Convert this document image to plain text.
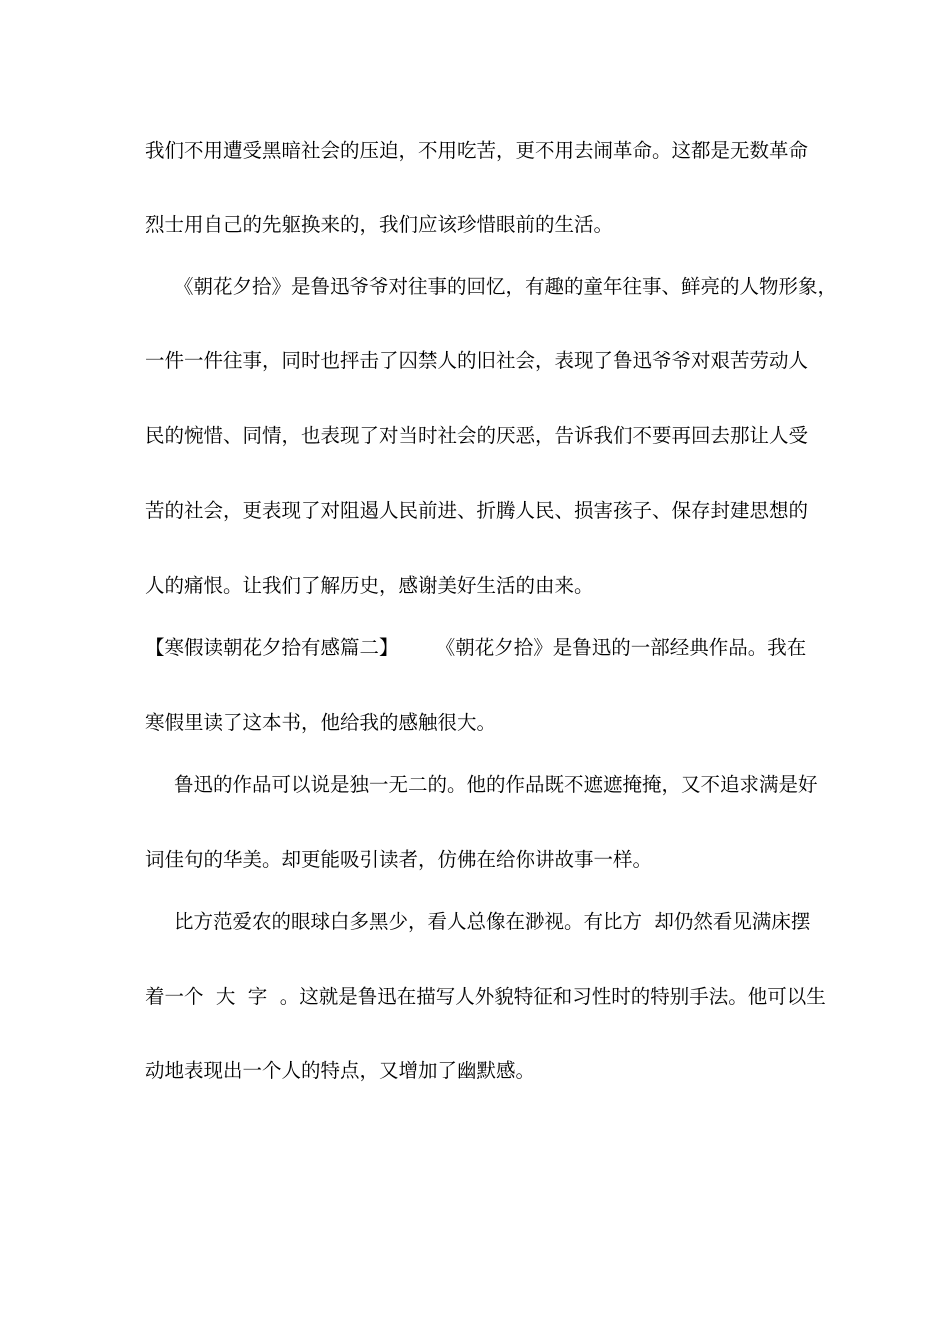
我们不用遭受黑暗社会的压迫，不用吃苦，更不用去闹革命。这都是无数革命
烈士用自己的先躯换来的，我们应该珍惜眼前的生活。
《朝花夕拾》是鲁迅爷爷对往事的回忆，有趣的童年往事、鲜亮的人物形象，
一件一件往事，同时也抨击了囚禁人的旧社会，表现了鲁迅爷爷对艰苦劳动人
民的惋惜、同情，也表现了对当时社会的厌恶，告诉我们不要再回去那让人受
苦的社会，更表现了对阻遏人民前进、折腾人民、损害孩子、保存封建思想的
人的痛恨。让我们了解历史，感谢美好生活的由来。
【寒假读朝花夕拾有感篇二】      《朝花夕拾》是鲁迅的一部经典作品。我在
寒假里读了这本书，他给我的感触很大。
鲁迅的作品可以说是独一无二的。他的作品既不遮遮掩掩，又不追求满是好
词佳句的华美。却更能吸引读者，仿佛在给你讲故事一样。
比方范爱农的眼球白多黑少，看人总像在渺视。有比方  却仍然看见满床摆
着一个  大  字  。这就是鲁迅在描写人外貌特征和习性时的特别手法。他可以生
动地表现出一个人的特点，又增加了幽默感。
